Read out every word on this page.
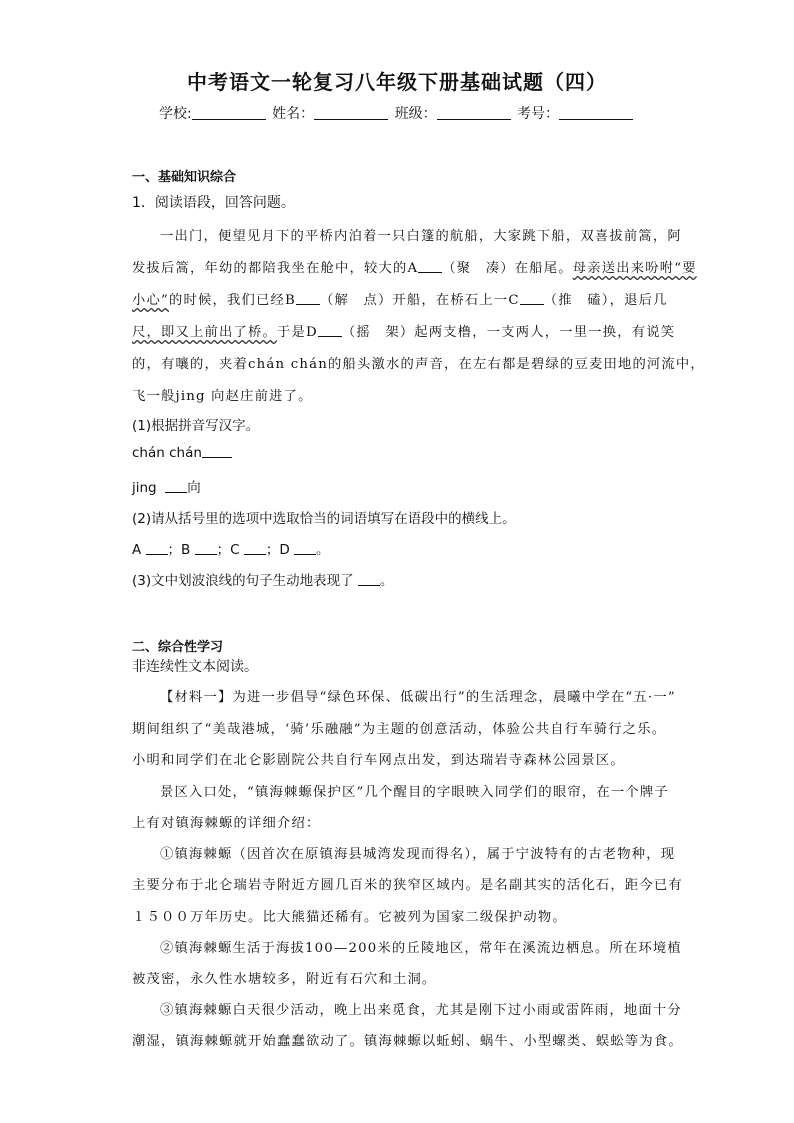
中考语文一轮复习八年级下册基础试题（四）
学校:	姓名：	班级：	考号：
一、基础知识综合
1．阅读语段，回答问题。
一出门，便望见月下的平桥内泊着一只白篷的航船，大家跳下船，双喜拔前篙，阿
发拔后篙，年幼的都陪我坐在舱中，较大的A （聚　凑）在船尾。母亲送出来吩咐“要
小心”的时候，我们已经B （解　点）开船，在桥石上一C （推　磕），退后几
尺，即又上前出了桥。于是D （摇　架）起两支橹，一支两人，一里一换，有说笑
的，有嚷的，夹着chán chán的船头激水的声音，在左右都是碧绿的豆麦田地的河流中，
飞一般jing 向赵庄前进了。
(1)根据拼音写汉字。
chán chán
jing 向
(2)请从括号里的选项中选取恰当的词语填写在语段中的横线上。
A ；B ；C ；D 。
(3)文中划波浪线的句子生动地表现了 。
二、综合性学习
非连续性文本阅读。
【材料一】为进一步倡导“绿色环保、低碳出行”的生活理念，晨曦中学在“五·一”
期间组织了“美哉港城，‘骑’乐融融”为主题的创意活动，体验公共自行车骑行之乐。
小明和同学们在北仑影剧院公共自行车网点出发，到达瑞岩寺森林公园景区。
景区入口处，“镇海棘螈保护区”几个醒目的字眼映入同学们的眼帘，在一个牌子
上有对镇海棘螈的详细介绍：
①镇海棘螈（因首次在原镇海县城湾发现而得名），属于宁波特有的古老物种，现
主要分布于北仑瑞岩寺附近方圆几百米的狭窄区域内。是名副其实的活化石，距今已有
１５００万年历史。比大熊猫还稀有。它被列为国家二级保护动物。
②镇海棘螈生活于海拔100—200米的丘陵地区，常年在溪流边栖息。所在环境植
被茂密，永久性水塘较多，附近有石穴和土洞。
③镇海棘螈白天很少活动，晚上出来觅食，尤其是刚下过小雨或雷阵雨，地面十分
潮湿，镇海棘螈就开始蠢蠢欲动了。镇海棘螈以蚯蚓、蜗牛、小型螺类、蜈蚣等为食。
